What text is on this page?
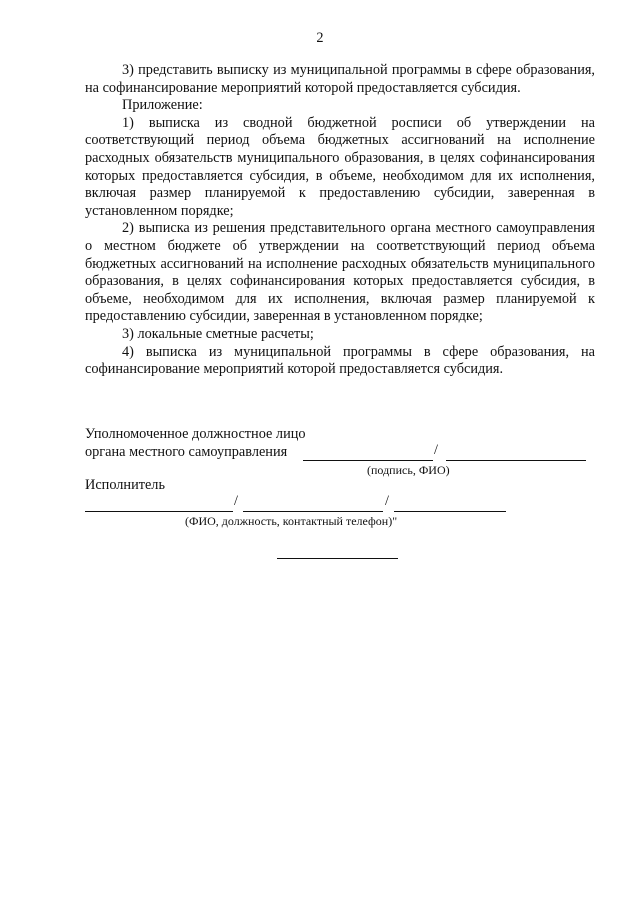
2

3) представить выписку из муниципальной программы в сфере образования, на софинансирование мероприятий которой предоставляется субсидия.

Приложение:

1) выписка из сводной бюджетной росписи об утверждении на соответствующий период объема бюджетных ассигнований на исполнение расходных обязательств муниципального образования, в целях софинансирования которых предоставляется субсидия, в объеме, необходимом для их исполнения, включая размер планируемой к предоставлению субсидии, заверенная в установленном порядке;

2) выписка из решения представительного органа местного самоуправления о местном бюджете об утверждении на соответствующий период объема бюджетных ассигнований на исполнение расходных обязательств муниципального образования, в целях софинансирования которых предоставляется субсидия, в объеме, необходимом для их исполнения, включая размер планируемой к предоставлению субсидии, заверенная в установленном порядке;

3) локальные сметные расчеты;

4) выписка из муниципальной программы в сфере образования, на софинансирование мероприятий которой предоставляется субсидия.

Уполномоченное должностное лицо
органа местного самоуправления	/
(подпись, ФИО)
Исполнитель
/	/
(ФИО, должность, контактный телефон)"
